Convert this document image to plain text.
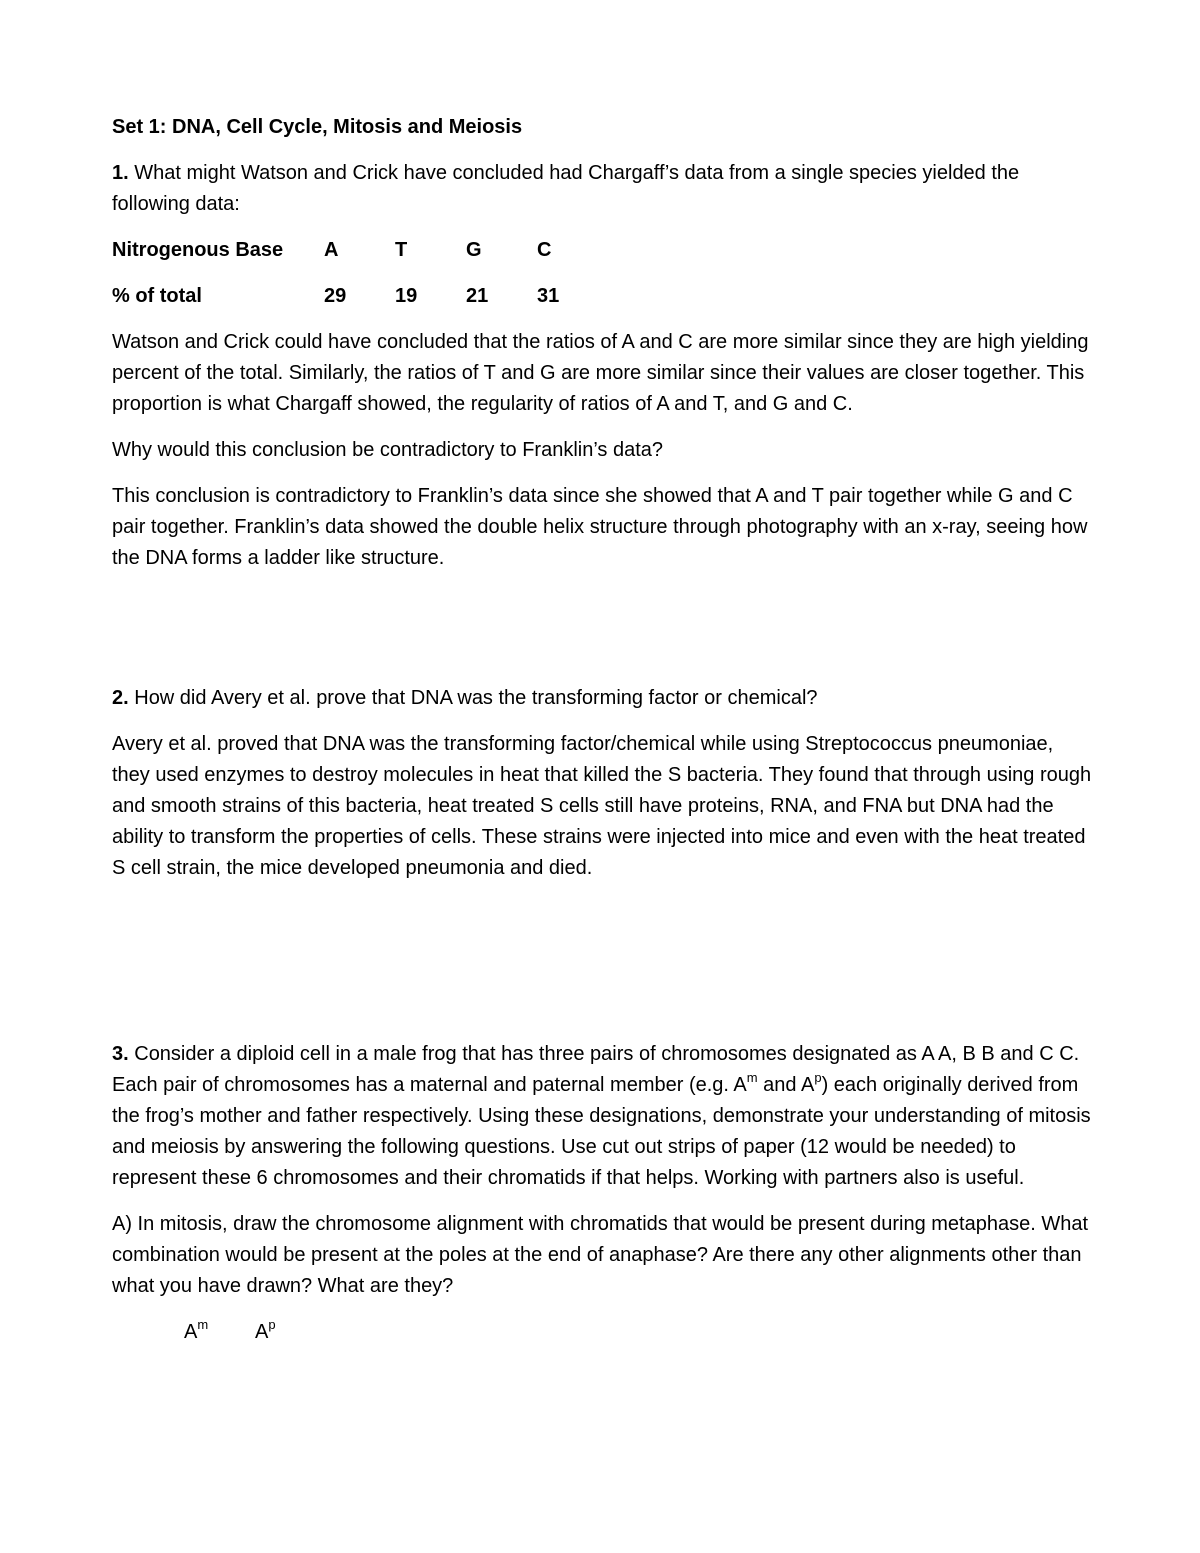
Set 1: DNA, Cell Cycle, Mitosis and Meiosis

1. What might Watson and Crick have concluded had Chargaff’s data from a single species yielded the following data:

Nitrogenous Base	A	T	G	C

% of total	29	19	21	31

Watson and Crick could have concluded that the ratios of A and C are more similar since they are high yielding percent of the total. Similarly, the ratios of T and G are more similar since their values are closer together. This proportion is what Chargaff showed, the regularity of ratios of A and T, and G and C.

Why would this conclusion be contradictory to Franklin’s data?

This conclusion is contradictory to Franklin’s data since she showed that A and T pair together while G and C pair together. Franklin’s data showed the double helix structure through photography with an x-ray, seeing how the DNA forms a ladder like structure.

2. How did Avery et al. prove that DNA was the transforming factor or chemical?

Avery et al. proved that DNA was the transforming factor/chemical while using Streptococcus pneumoniae, they used enzymes to destroy molecules in heat that killed the S bacteria. They found that through using rough and smooth strains of this bacteria, heat treated S cells still have proteins, RNA, and FNA but DNA had the ability to transform the properties of cells. These strains were injected into mice and even with the heat treated S cell strain, the mice developed pneumonia and died.

3. Consider a diploid cell in a male frog that has three pairs of chromosomes designated as A A, B B and C C. Each pair of chromosomes has a maternal and paternal member (e.g. $A^m$ and $A^p$) each originally derived from the frog’s mother and father respectively. Using these designations, demonstrate your understanding of mitosis and meiosis by answering the following questions. Use cut out strips of paper (12 would be needed) to represent these 6 chromosomes and their chromatids if that helps. Working with partners also is useful.

A) In mitosis, draw the chromosome alignment with chromatids that would be present during metaphase. What combination would be present at the poles at the end of anaphase? Are there any other alignments other than what you have drawn? What are they?

$A^m$ $A^p$
